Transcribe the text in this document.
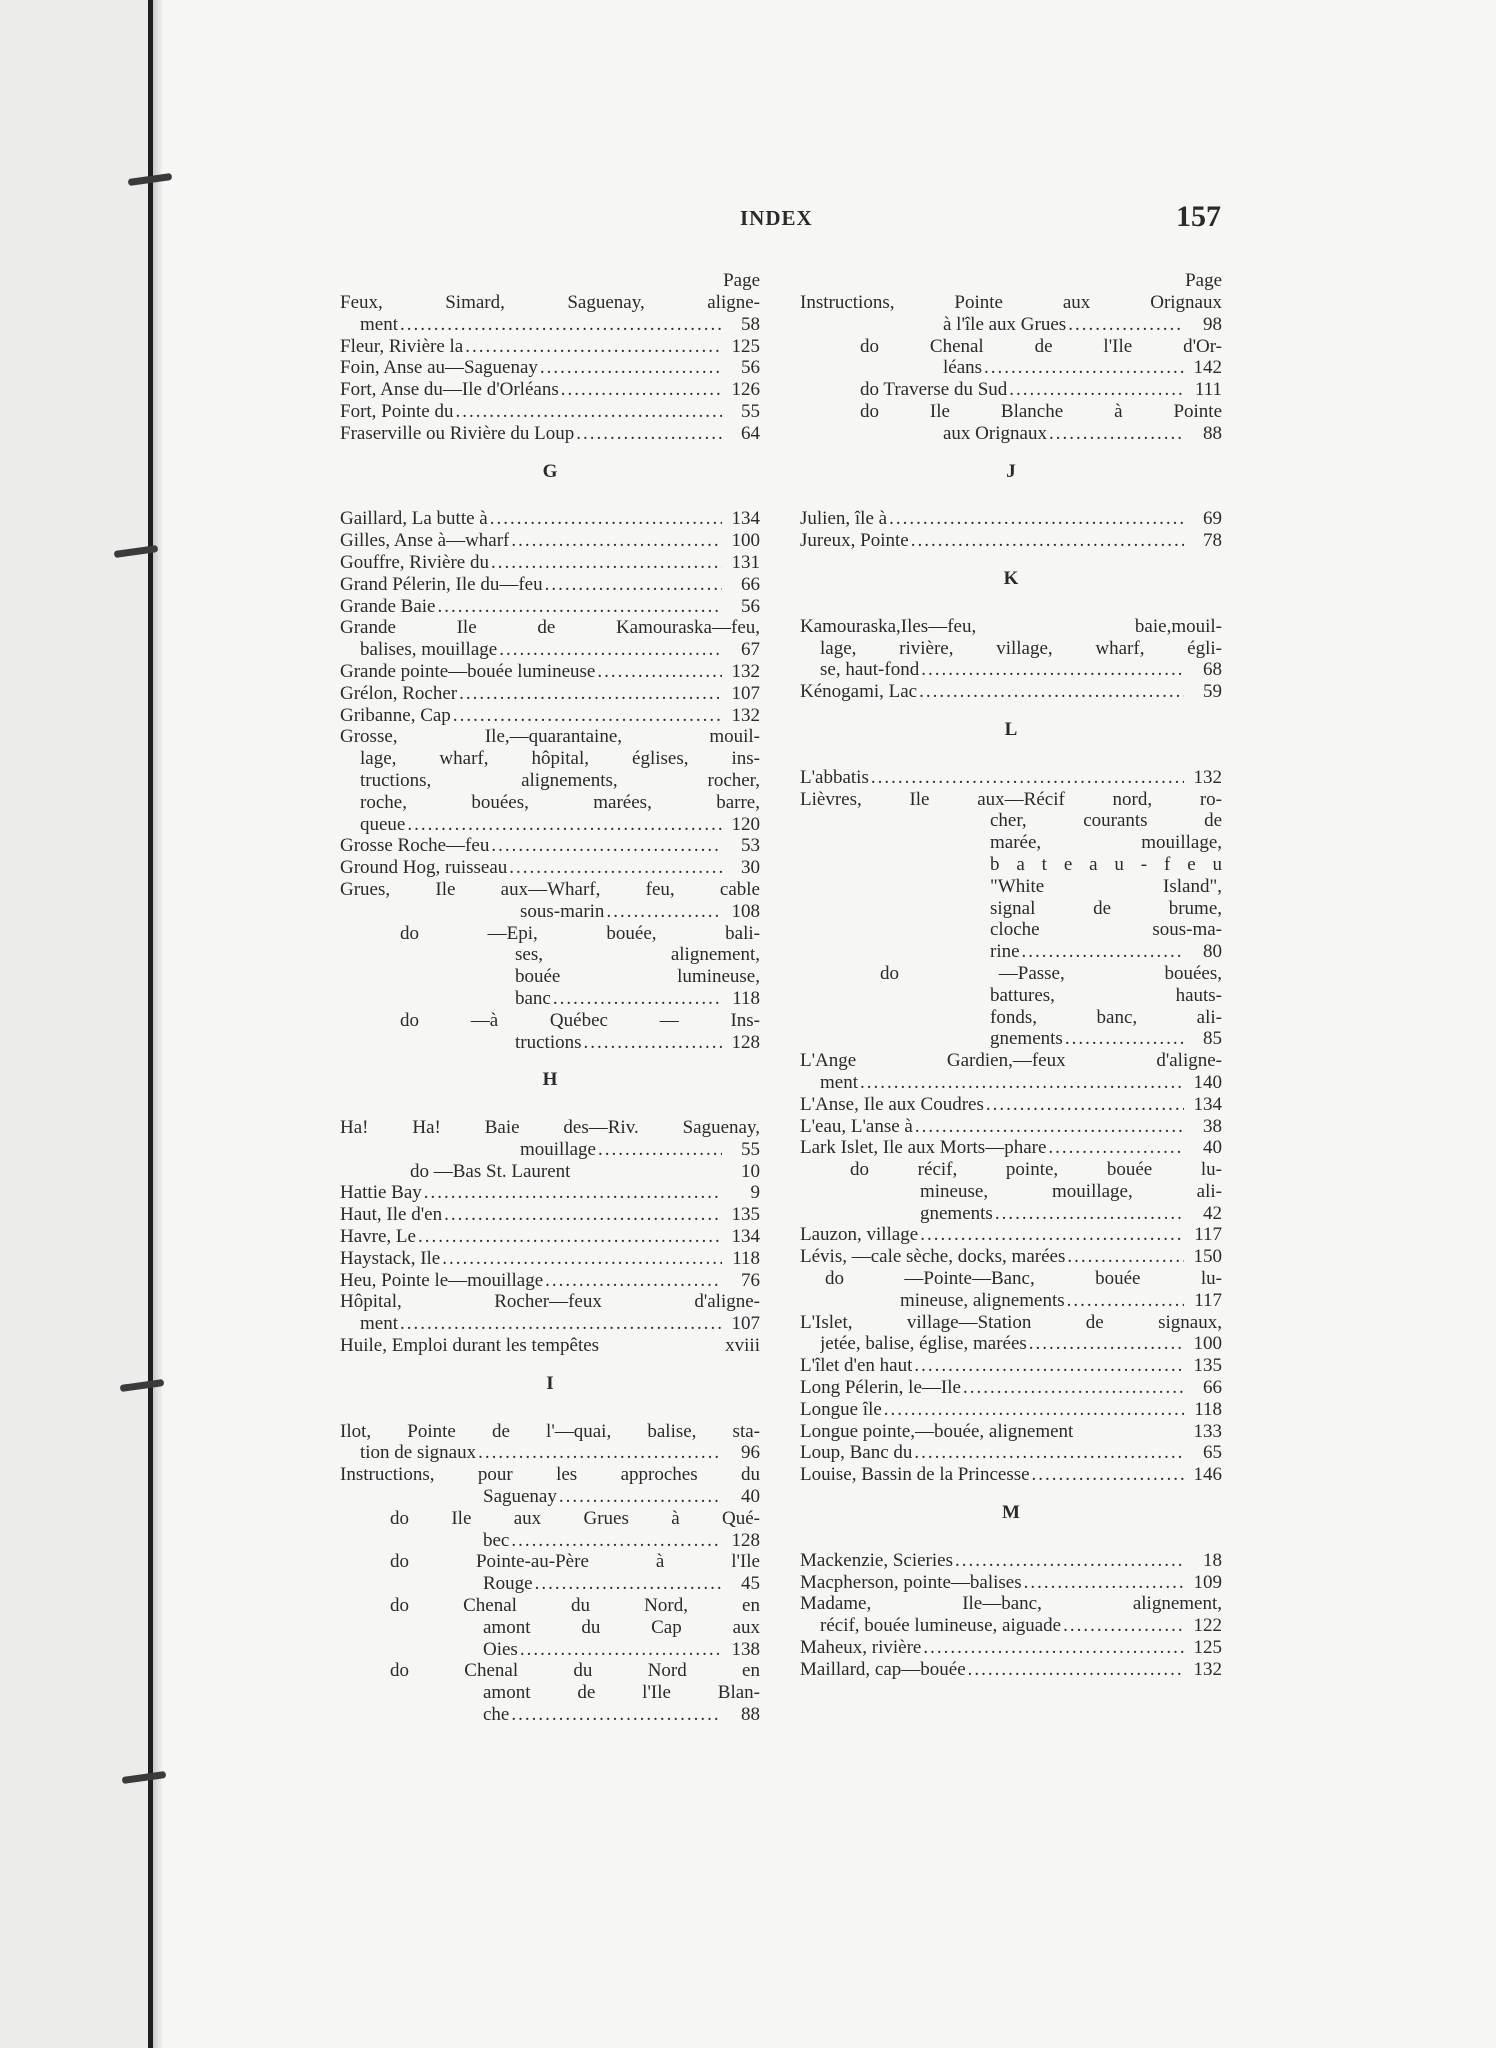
INDEX	157
Page
Feux, Simard, Saguenay, aligne-
ment .....	58
Fleur, Rivière la .....	125
Foin, Anse au—Saguenay .....	56
Fort, Anse du—Ile d'Orléans .....	126
Fort, Pointe du .....	55
Fraserville ou Rivière du Loup .....	64
G
Gaillard, La butte à .....	134
Gilles, Anse à—wharf .....	100
Gouffre, Rivière du .....	131
Grand Pélerin, Ile du—feu .....	66
Grande Baie .....	56
Grande Ile de Kamouraska—feu,
balises, mouillage .....	67
Grande pointe—bouée lumineuse .....	132
Grélon, Rocher .....	107
Gribanne, Cap .....	132
Grosse, Ile,—quarantaine, mouil-
lage, wharf, hôpital, églises, ins-
tructions, alignements, rocher,
roche, bouées, marées, barre,
queue .....	120
Grosse Roche—feu .....	53
Ground Hog, ruisseau .....	30
Grues, Ile aux—Wharf, feu, cable
sous-marin .....	108
do —Epi, bouée, bali-
ses, alignement,
bouée lumineuse,
banc .....	118
do —à Québec — Ins-
tructions .....	128
H
Ha! Ha! Baie des—Riv. Saguenay,
mouillage .....	55
do —Bas St. Laurent	10
Hattie Bay .....	9
Haut, Ile d'en .....	135
Havre, Le .....	134
Haystack, Ile .....	118
Heu, Pointe le—mouillage .....	76
Hôpital, Rocher—feux d'aligne-
ment .....	107
Huile, Emploi durant les tempêtes	xviii
I
Ilot, Pointe de l'—quai, balise, sta-
tion de signaux .....	96
Instructions, pour les approches du
Saguenay .....	40
do Ile aux Grues à Qué-
bec .....	128
do Pointe-au-Père à l'Ile
Rouge .....	45
do Chenal du Nord, en
amont du Cap aux
Oies .....	138
do Chenal du Nord en
amont de l'Ile Blan-
che .....	88
Page
Instructions, Pointe aux Orignaux
à l'île aux Grues .....	98
do Chenal de l'Ile d'Or-
léans .....	142
do Traverse du Sud .....	111
do Ile Blanche à Pointe
aux Orignaux .....	88
J
Julien, île à .....	69
Jureux, Pointe .....	78
K
Kamouraska,Iles—feu, baie,mouil-
lage, rivière, village, wharf, égli-
se, haut-fond .....	68
Kénogami, Lac .....	59
L
L'abbatis .....	132
Lièvres, Ile aux—Récif nord, ro-
cher, courants de
marée, mouillage,
b a t e a u - f e u
"White Island",
signal de brume,
cloche sous-ma-
rine .....	80
do —Passe, bouées,
battures, hauts-
fonds, banc, ali-
gnements .....	85
L'Ange Gardien,—feux d'aligne-
ment .....	140
L'Anse, Ile aux Coudres .....	134
L'eau, L'anse à .....	38
Lark Islet, Ile aux Morts—phare .....	40
do récif, pointe, bouée lu-
mineuse, mouillage, ali-
gnements .....	42
Lauzon, village .....	117
Lévis, —cale sèche, docks, marées .....	150
do —Pointe—Banc, bouée lu-
mineuse, alignements .....	117
L'Islet, village—Station de signaux,
jetée, balise, église, marées .....	100
L'îlet d'en haut .....	135
Long Pélerin, le—Ile .....	66
Longue île .....	118
Longue pointe,—bouée, alignement	133
Loup, Banc du .....	65
Louise, Bassin de la Princesse .....	146
M
Mackenzie, Scieries .....	18
Macpherson, pointe—balises .....	109
Madame, Ile—banc, alignement,
récif, bouée lumineuse, aiguade .....	122
Maheux, rivière .....	125
Maillard, cap—bouée .....	132
